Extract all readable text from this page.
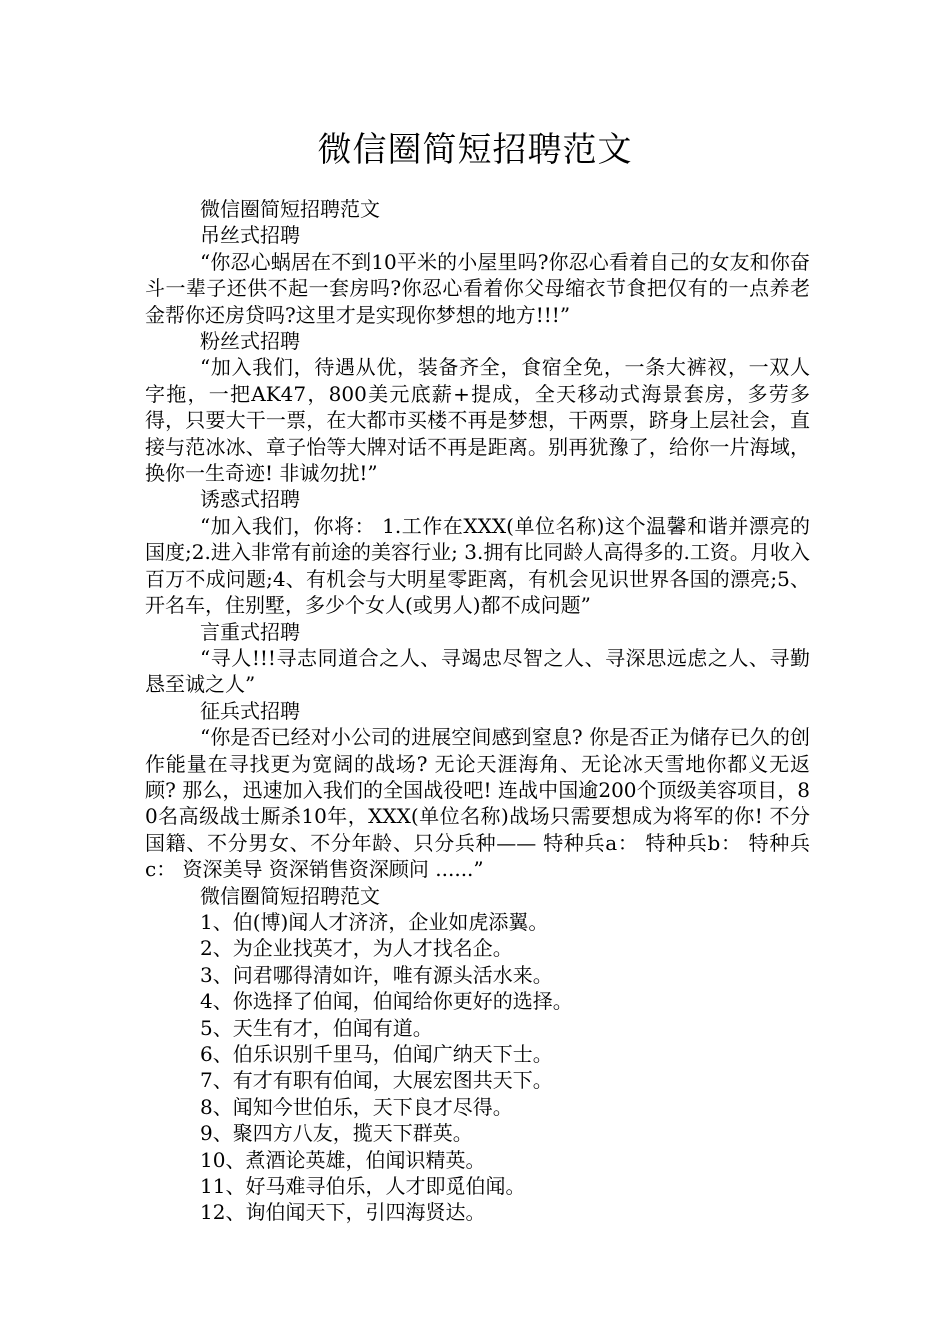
微信圈简短招聘范文

微信圈简短招聘范文

吊丝式招聘

“你忍心蜗居在不到10平米的小屋里吗?你忍心看着自己的女友和你奋斗一辈子还供不起一套房吗?你忍心看着你父母缩衣节食把仅有的一点养老金帮你还房贷吗?这里才是实现你梦想的地方!!!”

粉丝式招聘

“加入我们，待遇从优，装备齐全，食宿全免，一条大裤衩，一双人字拖，一把AK47，800美元底薪+提成，全天移动式海景套房，多劳多得，只要大干一票，在大都市买楼不再是梦想，干两票，跻身上层社会，直接与范冰冰、章子怡等大牌对话不再是距离。别再犹豫了，给你一片海域，换你一生奇迹! 非诚勿扰!”

诱惑式招聘

“加入我们，你将： 1.工作在XXX(单位名称)这个温馨和谐并漂亮的国度;2.进入非常有前途的美容行业; 3.拥有比同龄人高得多的.工资。月收入百万不成问题;4、有机会与大明星零距离，有机会见识世界各国的漂亮;5、开名车，住别墅，多少个女人(或男人)都不成问题”

言重式招聘

“寻人!!!寻志同道合之人、寻竭忠尽智之人、寻深思远虑之人、寻勤恳至诚之人”

征兵式招聘

“你是否已经对小公司的进展空间感到窒息? 你是否正为储存已久的创作能量在寻找更为宽阔的战场? 无论天涯海角、无论冰天雪地你都义无返顾? 那么，迅速加入我们的全国战役吧! 连战中国逾200个顶级美容项目，80名高级战士厮杀10年，XXX(单位名称)战场只需要想成为将军的你! 不分国籍、不分男女、不分年龄、只分兵种—— 特种兵a： 特种兵b： 特种兵c： 资深美导 资深销售资深顾问 ......”

微信圈简短招聘范文

1、伯(博)闻人才济济，企业如虎添翼。

2、为企业找英才，为人才找名企。

3、问君哪得清如许，唯有源头活水来。

4、你选择了伯闻，伯闻给你更好的选择。

5、天生有才，伯闻有道。

6、伯乐识别千里马，伯闻广纳天下士。

7、有才有职有伯闻，大展宏图共天下。

8、闻知今世伯乐，天下良才尽得。

9、聚四方八友，揽天下群英。

10、煮酒论英雄，伯闻识精英。

11、好马难寻伯乐，人才即觅伯闻。

12、询伯闻天下，引四海贤达。
